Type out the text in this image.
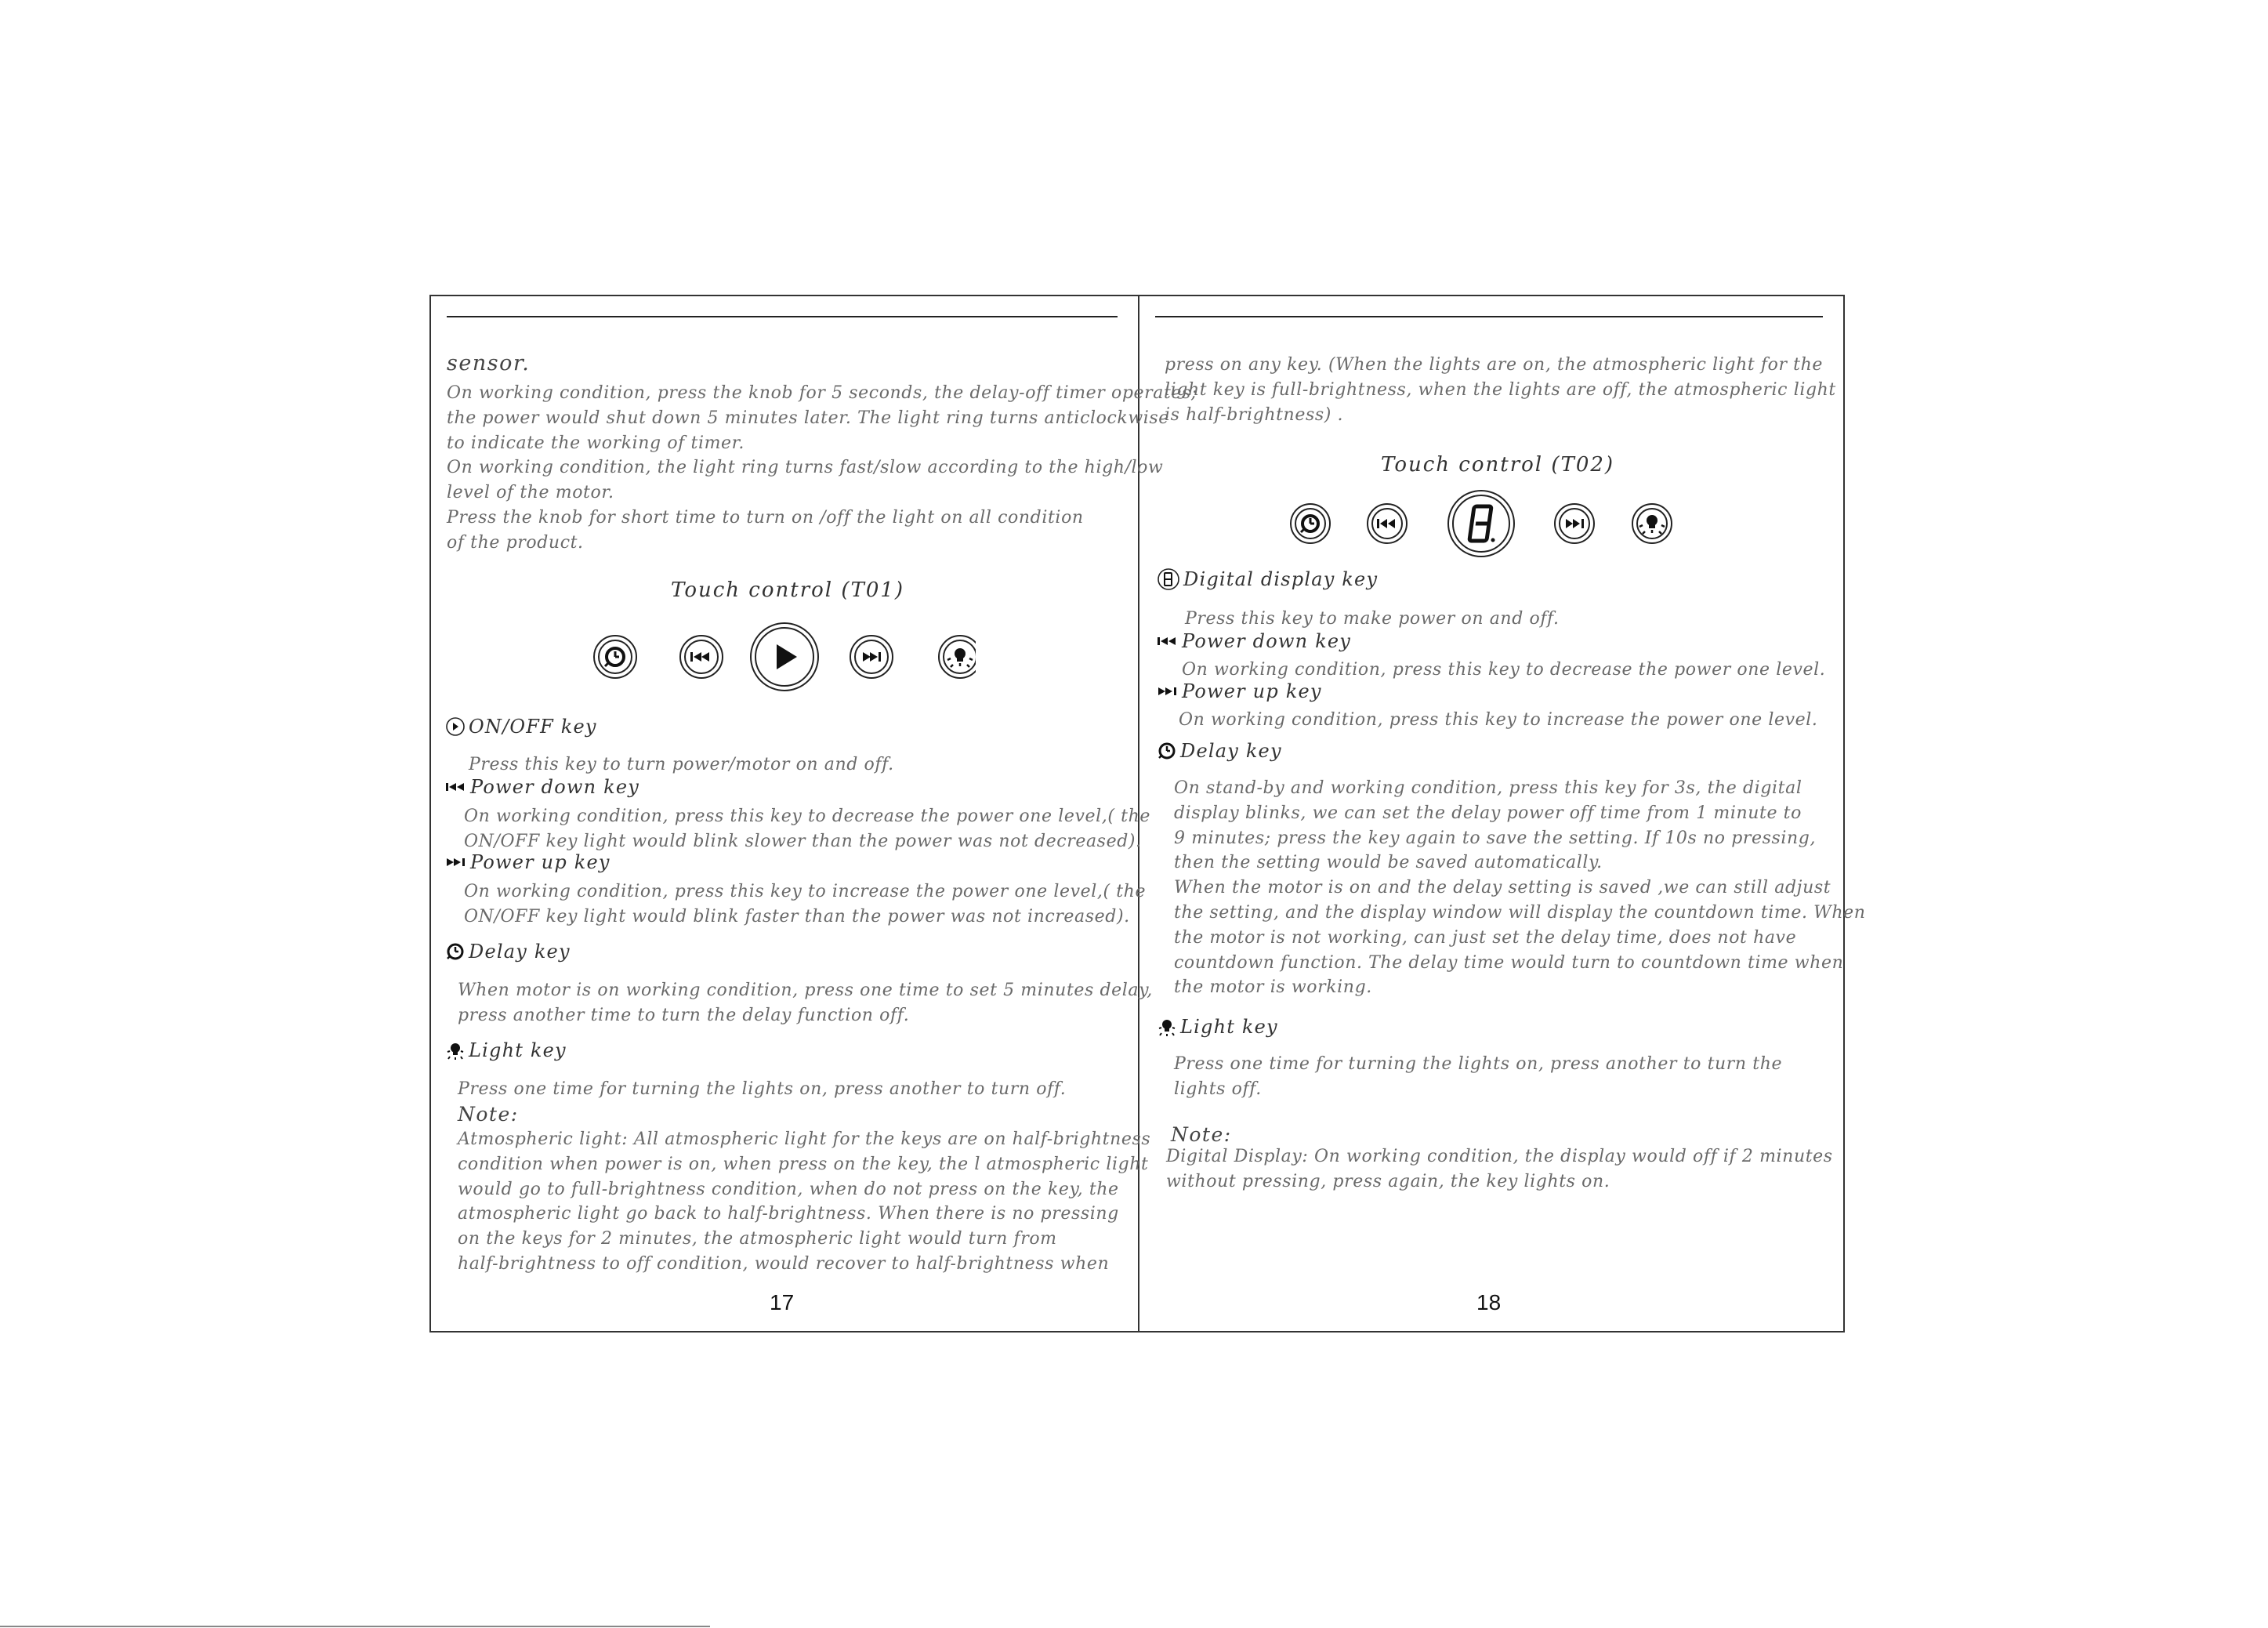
sensor.
On working condition, press the knob for 5 seconds, the delay-off timer operates;
the power would shut down 5 minutes later. The light ring turns anticlockwise
to indicate the working of timer.
On working condition, the light ring turns fast/slow according to the high/low
level of the motor.
Press the knob for short time to turn on /off the light on all condition
of the product.
Touch control (T01)
ON/OFF key
Press this key to turn power/motor on and off.
Power down key
On working condition, press this key to decrease the power one level,( the
ON/OFF key light would blink slower than the power was not decreased).
Power up key
On working condition, press this key to increase the power one level,( the
ON/OFF key light would blink faster than the power was not increased).
Delay key
When motor is on working condition, press one time to set 5 minutes delay,
press another time to turn the delay function off.
Light key
Press one time for turning the lights on, press another to turn off.
Note:
Atmospheric light: All atmospheric light for the keys are on half-brightness
condition when power is on, when press on the key, the l atmospheric light
would go to full-brightness condition, when do not press on the key, the
atmospheric light go back to half-brightness. When there is no pressing
on the keys for 2 minutes, the atmospheric light would turn from
half-brightness to off condition, would recover to half-brightness when
17
press on any key. (When the lights are on, the atmospheric light for the
light key is full-brightness, when the lights are off, the atmospheric light
is half-brightness) .
Touch control (T02)
Digital display key
Press this key to make power on and off.
Power down key
On working condition, press this key to decrease the power one level.
Power up key
On working condition, press this key to increase the power one level.
Delay key
On stand-by and working condition, press this key for 3s, the digital
display blinks, we can set the delay power off time from 1 minute to
9 minutes; press the key again to save the setting. If 10s no pressing,
then the setting would be saved automatically.
When the motor is on and the delay setting is saved ,we can still adjust
the setting, and the display window will display the countdown time. When
the motor is not working, can just set the delay time, does not have
countdown function. The delay time would turn to countdown time when
the motor is working.
Light key
Press one time for turning the lights on, press another to turn the
lights off.
Note:
Digital Display: On working condition, the display would off if 2 minutes
without pressing, press again, the key lights on.
18
